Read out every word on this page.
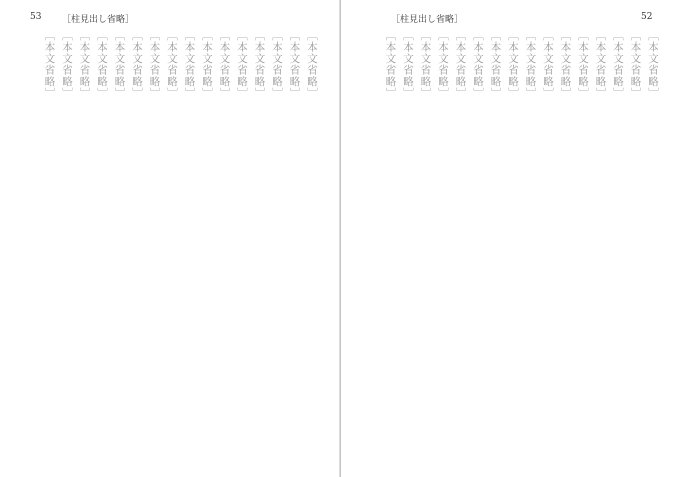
53 ［柱見出し省略］
［本文省略］
［本文省略］
［本文省略］
［本文省略］
［本文省略］
［本文省略］
［本文省略］
［本文省略］
［本文省略］
［本文省略］
［本文省略］
［本文省略］
［本文省略］
［本文省略］
［本文省略］
［本文省略］
［柱見出し省略］	52
［本文省略］
［本文省略］
［本文省略］
［本文省略］
［本文省略］
［本文省略］
［本文省略］
［本文省略］
［本文省略］
［本文省略］
［本文省略］
［本文省略］
［本文省略］
［本文省略］
［本文省略］
［本文省略］
